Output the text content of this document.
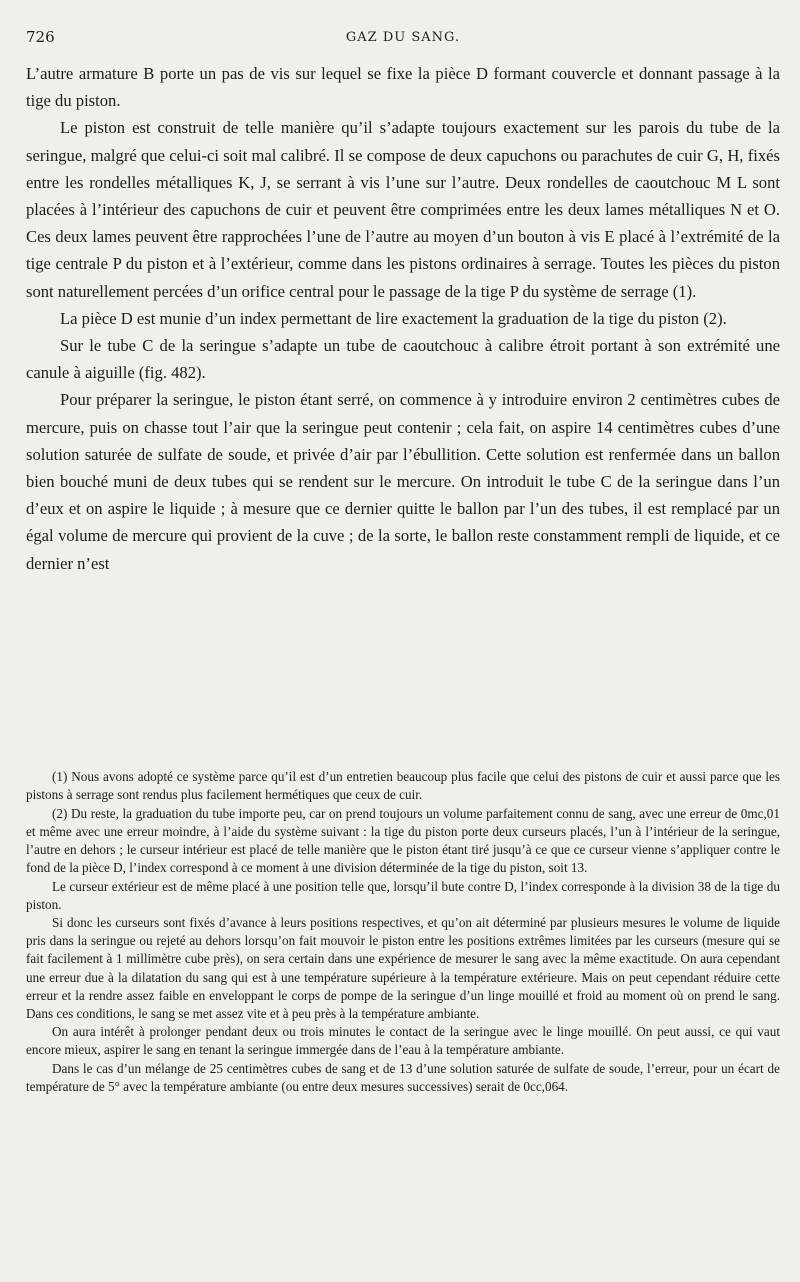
726	GAZ DU SANG.

L’autre armature B porte un pas de vis sur lequel se fixe la pièce D formant couvercle et donnant passage à la tige du piston.

Le piston est construit de telle manière qu’il s’adapte toujours exactement sur les parois du tube de la seringue, malgré que celui-ci soit mal calibré. Il se compose de deux capuchons ou parachutes de cuir G, H, fixés entre les rondelles métalliques K, J, se serrant à vis l’une sur l’autre. Deux rondelles de caoutchouc M L sont placées à l’intérieur des capuchons de cuir et peuvent être comprimées entre les deux lames métalliques N et O. Ces deux lames peuvent être rapprochées l’une de l’autre au moyen d’un bouton à vis E placé à l’extrémité de la tige centrale P du piston et à l’extérieur, comme dans les pistons ordinaires à serrage. Toutes les pièces du piston sont naturellement percées d’un orifice central pour le passage de la tige P du système de serrage (1).

La pièce D est munie d’un index permettant de lire exactement la graduation de la tige du piston (2).

Sur le tube C de la seringue s’adapte un tube de caoutchouc à calibre étroit portant à son extrémité une canule à aiguille (fig. 482).

Pour préparer la seringue, le piston étant serré, on commence à y introduire environ 2 centimètres cubes de mercure, puis on chasse tout l’air que la seringue peut contenir ; cela fait, on aspire 14 centimètres cubes d’une solution saturée de sulfate de soude, et privée d’air par l’ébullition. Cette solution est renfermée dans un ballon bien bouché muni de deux tubes qui se rendent sur le mercure. On introduit le tube C de la seringue dans l’un d’eux et on aspire le liquide ; à mesure que ce dernier quitte le ballon par l’un des tubes, il est remplacé par un égal volume de mercure qui provient de la cuve ; de la sorte, le ballon reste constamment rempli de liquide, et ce dernier n’est

(1) Nous avons adopté ce système parce qu’il est d’un entretien beaucoup plus facile que celui des pistons de cuir et aussi parce que les pistons à serrage sont rendus plus facilement hermétiques que ceux de cuir.

(2) Du reste, la graduation du tube importe peu, car on prend toujours un volume parfaitement connu de sang, avec une erreur de 0mc,01 et même avec une erreur moindre, à l’aide du système suivant : la tige du piston porte deux curseurs placés, l’un à l’intérieur de la seringue, l’autre en dehors ; le curseur intérieur est placé de telle manière que le piston étant tiré jusqu’à ce que ce curseur vienne s’appliquer contre le fond de la pièce D, l’index correspond à ce moment à une division déterminée de la tige du piston, soit 13.

Le curseur extérieur est de même placé à une position telle que, lorsqu’il bute contre D, l’index corresponde à la division 38 de la tige du piston.

Si donc les curseurs sont fixés d’avance à leurs positions respectives, et qu’on ait déterminé par plusieurs mesures le volume de liquide pris dans la seringue ou rejeté au dehors lorsqu’on fait mouvoir le piston entre les positions extrêmes limitées par les curseurs (mesure qui se fait facilement à 1 millimètre cube près), on sera certain dans une expérience de mesurer le sang avec la même exactitude. On aura cependant une erreur due à la dilatation du sang qui est à une température supérieure à la température extérieure. Mais on peut cependant réduire cette erreur et la rendre assez faible en enveloppant le corps de pompe de la seringue d’un linge mouillé et froid au moment où on prend le sang. Dans ces conditions, le sang se met assez vite et à peu près à la température ambiante.

On aura intérêt à prolonger pendant deux ou trois minutes le contact de la seringue avec le linge mouillé. On peut aussi, ce qui vaut encore mieux, aspirer le sang en tenant la seringue immergée dans de l’eau à la température ambiante.

Dans le cas d’un mélange de 25 centimètres cubes de sang et de 13 d’une solution saturée de sulfate de soude, l’erreur, pour un écart de température de 5° avec la température ambiante (ou entre deux mesures successives) serait de 0cc,064.
